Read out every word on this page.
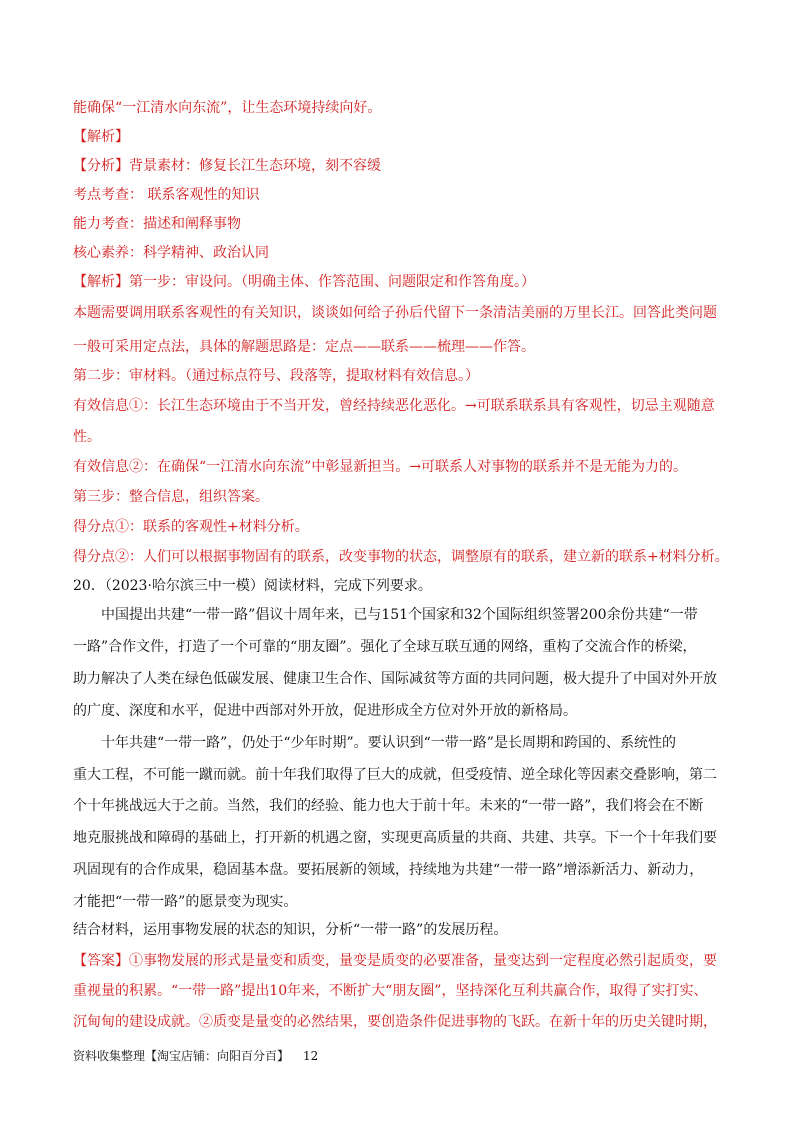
能确保“一江清水向东流”，让生态环境持续向好。
【解析】
【分析】背景素材：修复长江生态环境，刻不容缓
考点考查： 联系客观性的知识
能力考查：描述和阐释事物
核心素养：科学精神、政治认同
【解析】第一步：审设问。（明确主体、作答范围、问题限定和作答角度。）
本题需要调用联系客观性的有关知识，谈谈如何给子孙后代留下一条清洁美丽的万里长江。回答此类问题
一般可采用定点法，具体的解题思路是：定点——联系——梳理——作答。
第二步：审材料。（通过标点符号、段落等，提取材料有效信息。）
有效信息①：长江生态环境由于不当开发，曾经持续恶化恶化。→可联系联系具有客观性，切忌主观随意
性。
有效信息②：在确保“一江清水向东流”中彰显新担当。→可联系人对事物的联系并不是无能为力的。
第三步：整合信息，组织答案。
得分点①：联系的客观性+材料分析。
得分点②：人们可以根据事物固有的联系，改变事物的状态，调整原有的联系，建立新的联系+材料分析。
20．（2023·哈尔滨三中一模）阅读材料，完成下列要求。
中国提出共建“一带一路”倡议十周年来，已与151个国家和32个国际组织签署200余份共建“一带
一路”合作文件，打造了一个可靠的“朋友圈”。强化了全球互联互通的网络，重构了交流合作的桥梁，
助力解决了人类在绿色低碳发展、健康卫生合作、国际减贫等方面的共同问题，极大提升了中国对外开放
的广度、深度和水平，促进中西部对外开放，促进形成全方位对外开放的新格局。
十年共建“一带一路”，仍处于“少年时期”。要认识到“一带一路”是长周期和跨国的、系统性的
重大工程，不可能一蹴而就。前十年我们取得了巨大的成就，但受疫情、逆全球化等因素交叠影响，第二
个十年挑战远大于之前。当然，我们的经验、能力也大于前十年。未来的“一带一路”，我们将会在不断
地克服挑战和障碍的基础上，打开新的机遇之窗，实现更高质量的共商、共建、共享。下一个十年我们要
巩固现有的合作成果，稳固基本盘。要拓展新的领域，持续地为共建“一带一路”增添新活力、新动力，
才能把“一带一路”的愿景变为现实。
结合材料，运用事物发展的状态的知识，分析“一带一路”的发展历程。
【答案】①事物发展的形式是量变和质变，量变是质变的必要准备，量变达到一定程度必然引起质变，要
重视量的积累。“一带一路”提出10年来，不断扩大“朋友圈”，坚持深化互利共赢合作，取得了实打实、
沉甸甸的建设成就。②质变是量变的必然结果，要创造条件促进事物的飞跃。在新十年的历史关键时期，
资料收集整理【淘宝店铺：向阳百分百】 12
